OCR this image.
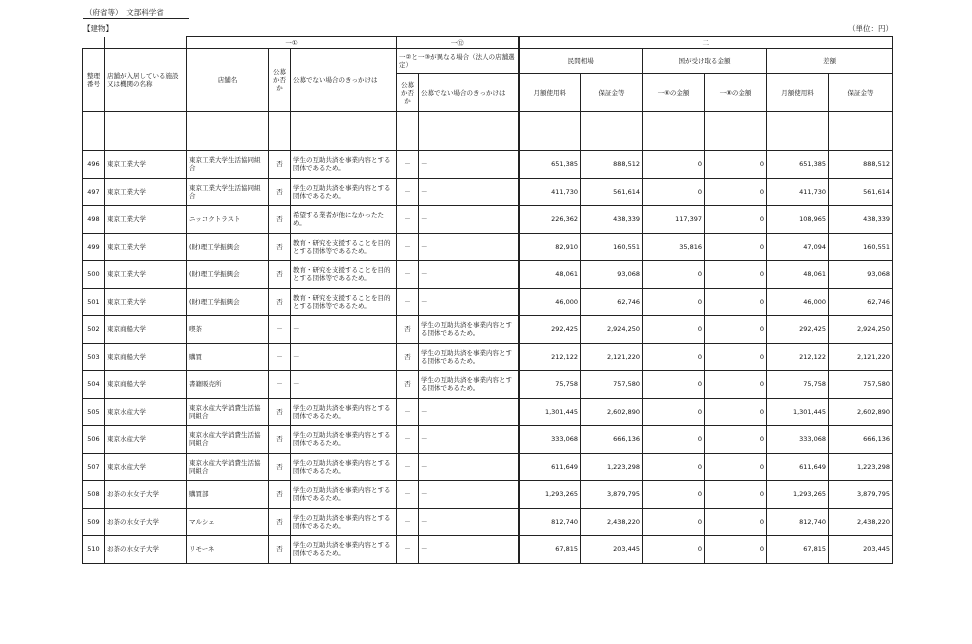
（府省等）　文部科学省
【建物】	（単位：円）
		一①			一⑫		二					
整理番号	店舗が入居している施設又は機関の名称	店舗名	公募か否か	公募でない場合のきっかけは	一②と一③が異なる場合（法人の店舗選定）		民間相場		国が受け取る金額		差額	
					公募か否か	公募でない場合のきっかけは	月額使用料	保証金等	一⑥の金額	一⑧の金額	月額使用料	保証金等

496	東京工業大学	東京工業大学生活協同組合	否	学生の互助共済を事業内容とする団体であるため。	－	－	651,385	888,512	0	0	651,385	888,512
497	東京工業大学	東京工業大学生活協同組合	否	学生の互助共済を事業内容とする団体であるため。	－	－	411,730	561,614	0	0	411,730	561,614
498	東京工業大学	ニッコクトラスト	否	希望する業者が他になかったため。	－	－	226,362	438,339	117,397	0	108,965	438,339
499	東京工業大学	(財)理工学振興会	否	教育・研究を支援することを目的とする団体等であるため。	－	－	82,910	160,551	35,816	0	47,094	160,551
500	東京工業大学	(財)理工学振興会	否	教育・研究を支援することを目的とする団体等であるため。	－	－	48,061	93,068	0	0	48,061	93,068
501	東京工業大学	(財)理工学振興会	否	教育・研究を支援することを目的とする団体等であるため。	－	－	46,000	62,746	0	0	46,000	62,746
502	東京商船大学	喫茶	－	－	否	学生の互助共済を事業内容とする団体であるため。	292,425	2,924,250	0	0	292,425	2,924,250
503	東京商船大学	購買	－	－	否	学生の互助共済を事業内容とする団体であるため。	212,122	2,121,220	0	0	212,122	2,121,220
504	東京商船大学	書籍販売所	－	－	否	学生の互助共済を事業内容とする団体であるため。	75,758	757,580	0	0	75,758	757,580
505	東京水産大学	東京水産大学消費生活協同組合	否	学生の互助共済を事業内容とする団体であるため。	－	－	1,301,445	2,602,890	0	0	1,301,445	2,602,890
506	東京水産大学	東京水産大学消費生活協同組合	否	学生の互助共済を事業内容とする団体であるため。	－	－	333,068	666,136	0	0	333,068	666,136
507	東京水産大学	東京水産大学消費生活協同組合	否	学生の互助共済を事業内容とする団体であるため。	－	－	611,649	1,223,298	0	0	611,649	1,223,298
508	お茶の水女子大学	購買部	否	学生の互助共済を事業内容とする団体であるため。	－	－	1,293,265	3,879,795	0	0	1,293,265	3,879,795
509	お茶の水女子大学	マルシェ	否	学生の互助共済を事業内容とする団体であるため。	－	－	812,740	2,438,220	0	0	812,740	2,438,220
510	お茶の水女子大学	リモーネ	否	学生の互助共済を事業内容とする団体であるため。	－	－	67,815	203,445	0	0	67,815	203,445
